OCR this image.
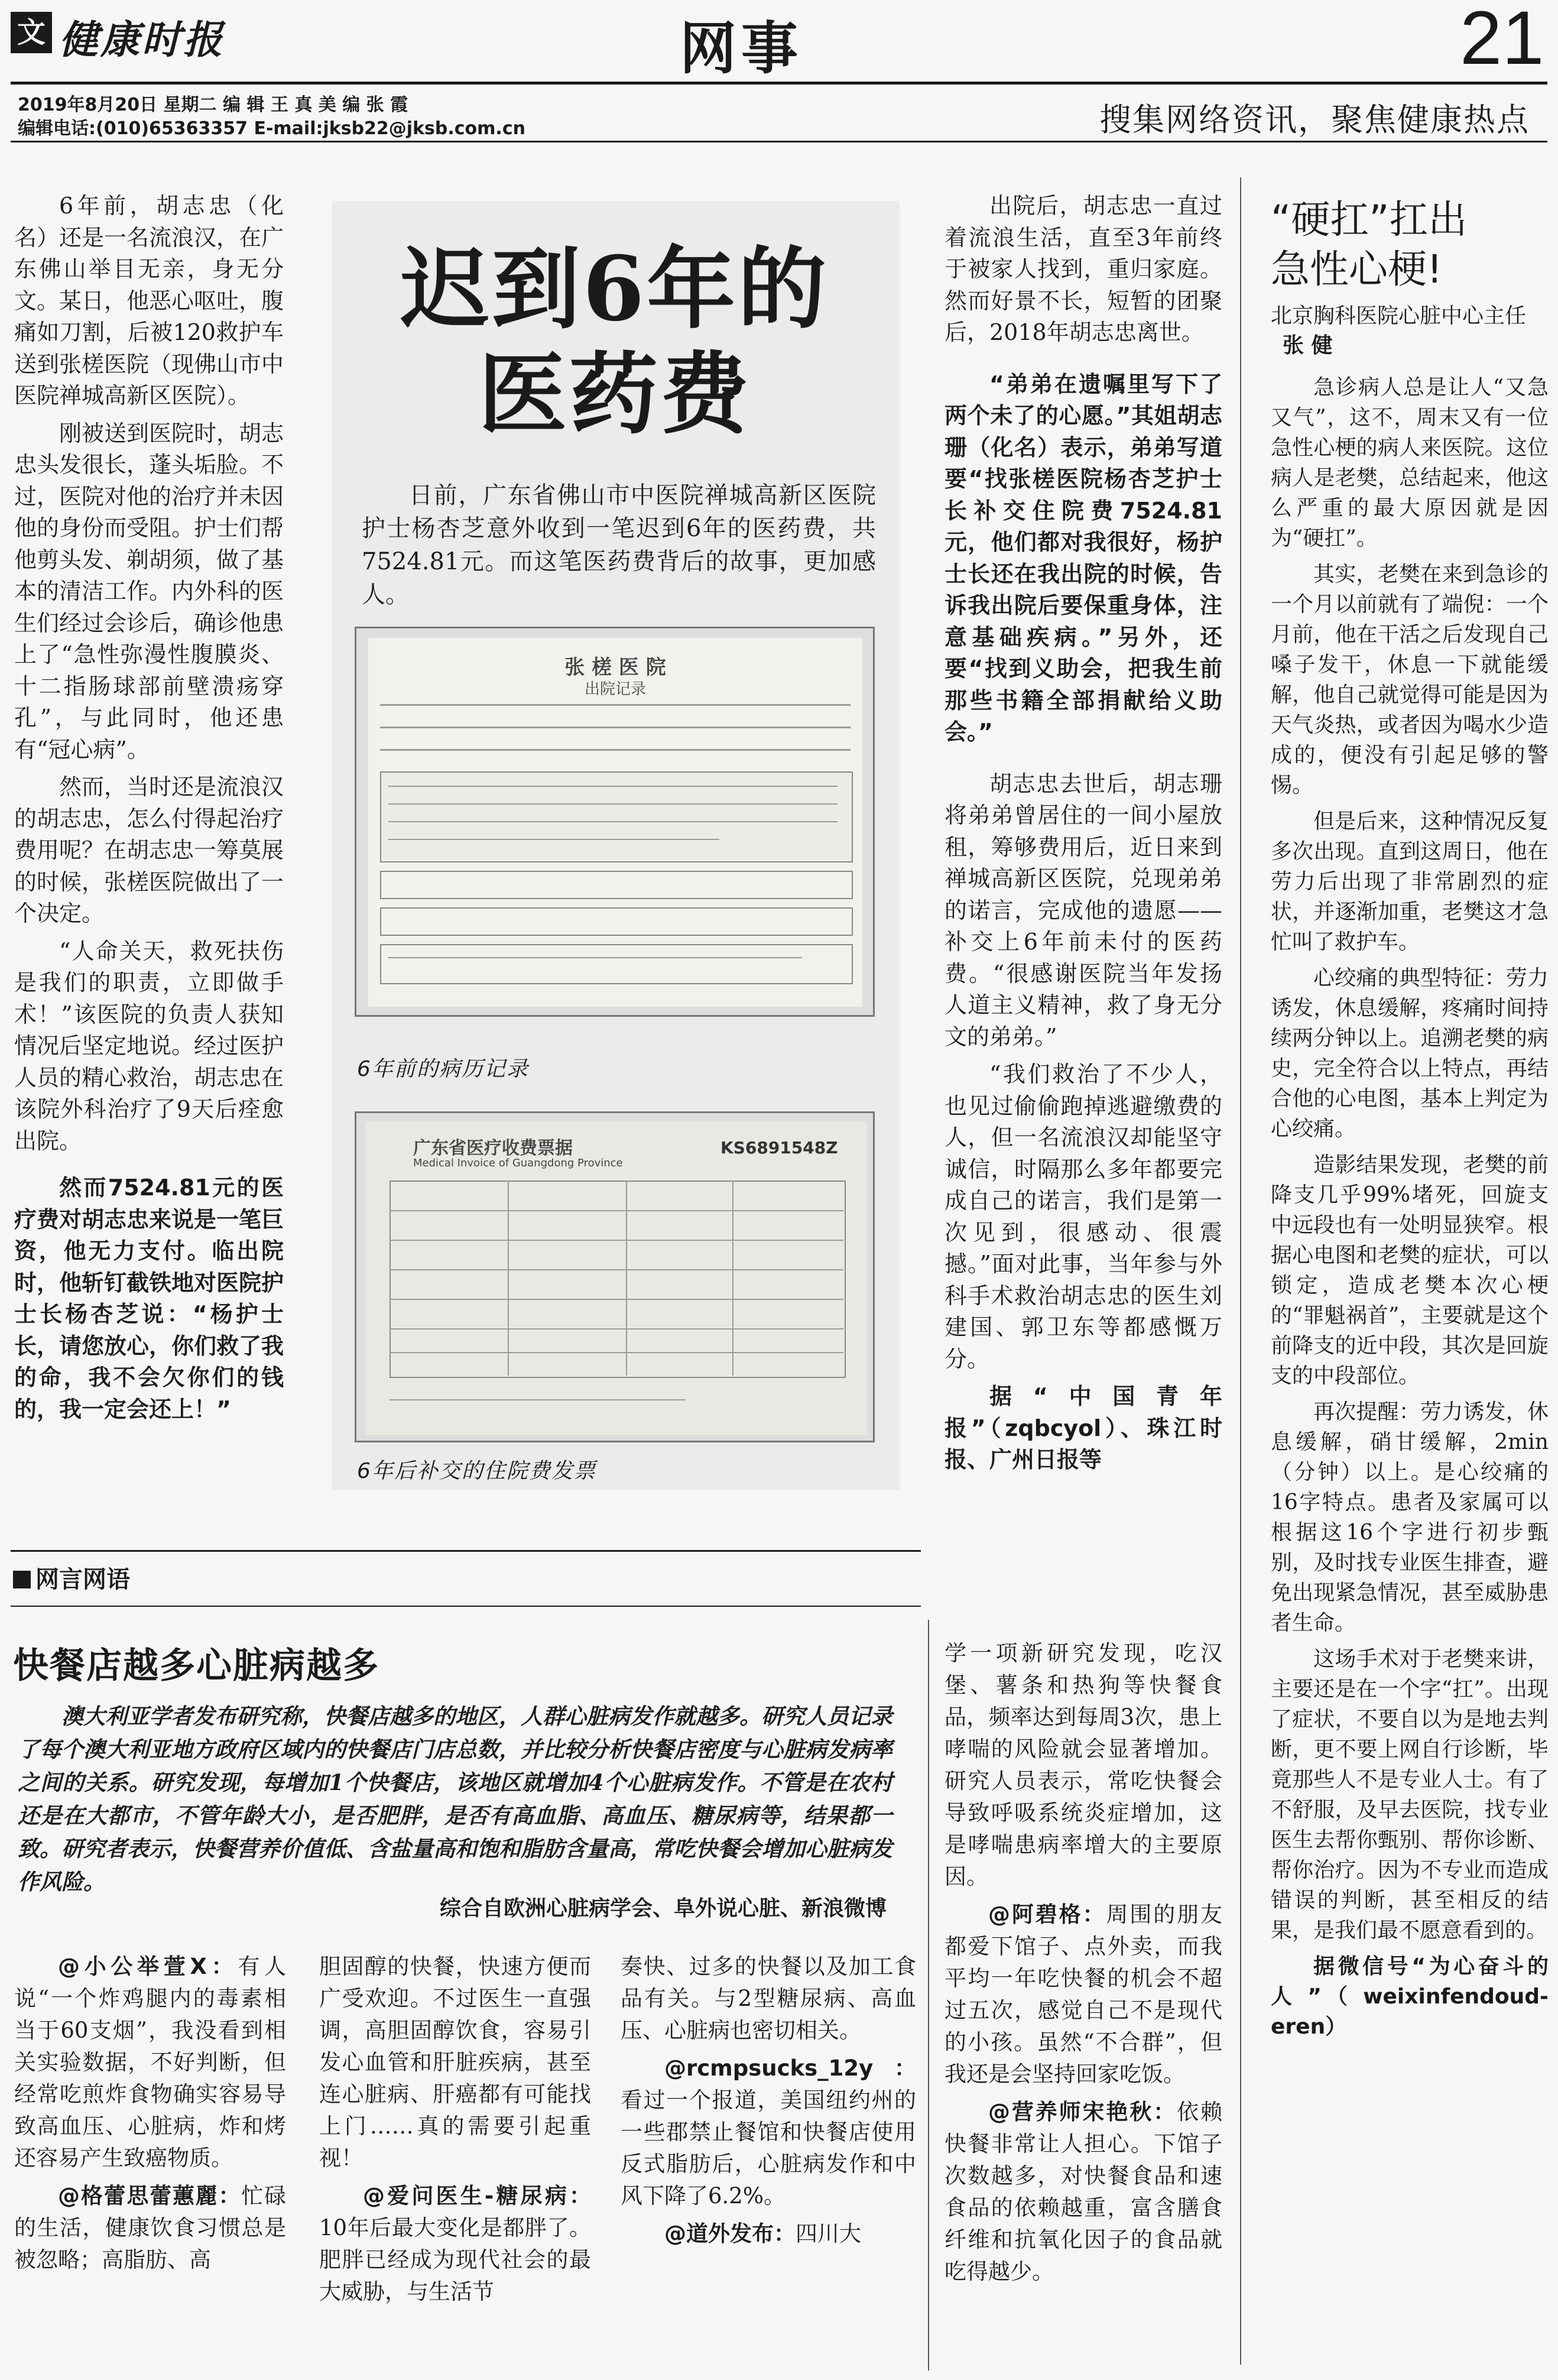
文 健康时报	网事	21
2019年8月20日 星期二 编 辑 王 真 美 编 张 霞
编辑电话:(010)65363357 E-mail:jksb22@jksb.com.cn	搜集网络资讯，聚焦健康热点

6年前，胡志忠（化名）还是一名流浪汉，在广东佛山举目无亲，身无分文。某日，他恶心呕吐，腹痛如刀割，后被120救护车送到张槎医院（现佛山市中医院禅城高新区医院）。

刚被送到医院时，胡志忠头发很长，蓬头垢脸。不过，医院对他的治疗并未因他的身份而受阻。护士们帮他剪头发、剃胡须，做了基本的清洁工作。内外科的医生们经过会诊后，确诊他患上了“急性弥漫性腹膜炎、十二指肠球部前壁溃疡穿孔”，与此同时，他还患有“冠心病”。

然而，当时还是流浪汉的胡志忠，怎么付得起治疗费用呢？在胡志忠一筹莫展的时候，张槎医院做出了一个决定。

“人命关天，救死扶伤是我们的职责，立即做手术！”该医院的负责人获知情况后坚定地说。经过医护人员的精心救治，胡志忠在该院外科治疗了9天后痊愈出院。

然而7524.81元的医疗费对胡志忠来说是一笔巨资，他无力支付。临出院时，他斩钉截铁地对医院护士长杨杏芝说：“杨护士长，请您放心，你们救了我的命，我不会欠你们的钱的，我一定会还上！”

迟到6年的
医药费
日前，广东省佛山市中医院禅城高新区医院护士杨杏芝意外收到一笔迟到6年的医药费，共7524.81元。而这笔医药费背后的故事，更加感人。
张 槎 医 院
出院记录
6年前的病历记录
广东省医疗收费票据
Medical Invoice of Guangdong Province
KS6891548Z
6年后补交的住院费发票

出院后，胡志忠一直过着流浪生活，直至3年前终于被家人找到，重归家庭。然而好景不长，短暂的团聚后，2018年胡志忠离世。

“弟弟在遗嘱里写下了两个未了的心愿。”其姐胡志珊（化名）表示，弟弟写道要“找张槎医院杨杏芝护士长补交住院费7524.81元，他们都对我很好，杨护士长还在我出院的时候，告诉我出院后要保重身体，注意基础疾病。”另外，还要“找到义助会，把我生前那些书籍全部捐献给义助会。”

胡志忠去世后，胡志珊将弟弟曾居住的一间小屋放租，筹够费用后，近日来到禅城高新区医院，兑现弟弟的诺言，完成他的遗愿——补交上6年前未付的医药费。“很感谢医院当年发扬人道主义精神，救了身无分文的弟弟。”

“我们救治了不少人，也见过偷偷跑掉逃避缴费的人，但一名流浪汉却能坚守诚信，时隔那么多年都要完成自己的诺言，我们是第一次见到，很感动、很震撼。”面对此事，当年参与外科手术救治胡志忠的医生刘建国、郭卫东等都感慨万分。

据“中国青年报”（zqbcyol）、珠江时报、广州日报等

“硬扛”扛出
急性心梗!
北京胸科医院心脏中心主任 张 健

急诊病人总是让人“又急又气”，这不，周末又有一位急性心梗的病人来医院。这位病人是老樊，总结起来，他这么严重的最大原因就是因为“硬扛”。

其实，老樊在来到急诊的一个月以前就有了端倪：一个月前，他在干活之后发现自己嗓子发干，休息一下就能缓解，他自己就觉得可能是因为天气炎热，或者因为喝水少造成的，便没有引起足够的警惕。

但是后来，这种情况反复多次出现。直到这周日，他在劳力后出现了非常剧烈的症状，并逐渐加重，老樊这才急忙叫了救护车。

心绞痛的典型特征：劳力诱发，休息缓解，疼痛时间持续两分钟以上。追溯老樊的病史，完全符合以上特点，再结合他的心电图，基本上判定为心绞痛。

造影结果发现，老樊的前降支几乎99%堵死，回旋支中远段也有一处明显狭窄。根据心电图和老樊的症状，可以锁定，造成老樊本次心梗的“罪魁祸首”，主要就是这个前降支的近中段，其次是回旋支的中段部位。

再次提醒：劳力诱发，休息缓解，硝甘缓解，2min（分钟）以上。是心绞痛的16字特点。患者及家属可以根据这16个字进行初步甄别，及时找专业医生排查，避免出现紧急情况，甚至威胁患者生命。

这场手术对于老樊来讲，主要还是在一个字“扛”。出现了症状，不要自以为是地去判断，更不要上网自行诊断，毕竟那些人不是专业人士。有了不舒服，及早去医院，找专业医生去帮你甄别、帮你诊断、帮你治疗。因为不专业而造成错误的判断，甚至相反的结果，是我们最不愿意看到的。

据微信号“为心奋斗的人”（weixinfendoud-eren）

网言网语
快餐店越多心脏病越多
澳大利亚学者发布研究称，快餐店越多的地区，人群心脏病发作就越多。研究人员记录了每个澳大利亚地方政府区域内的快餐店门店总数，并比较分析快餐店密度与心脏病发病率之间的关系。研究发现，每增加1个快餐店，该地区就增加4个心脏病发作。不管是在农村还是在大都市，不管年龄大小，是否肥胖，是否有高血脂、高血压、糖尿病等，结果都一致。研究者表示，快餐营养价值低、含盐量高和饱和脂肪含量高，常吃快餐会增加心脏病发作风险。
综合自欧洲心脏病学会、阜外说心脏、新浪微博

@小公举萱X：有人说“一个炸鸡腿内的毒素相当于60支烟”，我没看到相关实验数据，不好判断，但经常吃煎炸食物确实容易导致高血压、心脏病，炸和烤还容易产生致癌物质。

@格蕾思蕾蕙麗：忙碌的生活，健康饮食习惯总是被忽略；高脂肪、高

胆固醇的快餐，快速方便而广受欢迎。不过医生一直强调，高胆固醇饮食，容易引发心血管和肝脏疾病，甚至连心脏病、肝癌都有可能找上门……真的需要引起重视！

@爱问医生-糖尿病：10年后最大变化是都胖了。肥胖已经成为现代社会的最大威胁，与生活节

奏快、过多的快餐以及加工食品有关。与2型糖尿病、高血压、心脏病也密切相关。

@rcmpsucks_12y：看过一个报道，美国纽约州的一些郡禁止餐馆和快餐店使用反式脂肪后，心脏病发作和中风下降了6.2%。

@道外发布：四川大

学一项新研究发现，吃汉堡、薯条和热狗等快餐食品，频率达到每周3次，患上哮喘的风险就会显著增加。研究人员表示，常吃快餐会导致呼吸系统炎症增加，这是哮喘患病率增大的主要原因。

@阿碧格：周围的朋友都爱下馆子、点外卖，而我平均一年吃快餐的机会不超过五次，感觉自己不是现代的小孩。虽然“不合群”，但我还是会坚持回家吃饭。

@营养师宋艳秋：依赖快餐非常让人担心。下馆子次数越多，对快餐食品和速食品的依赖越重，富含膳食纤维和抗氧化因子的食品就吃得越少。
